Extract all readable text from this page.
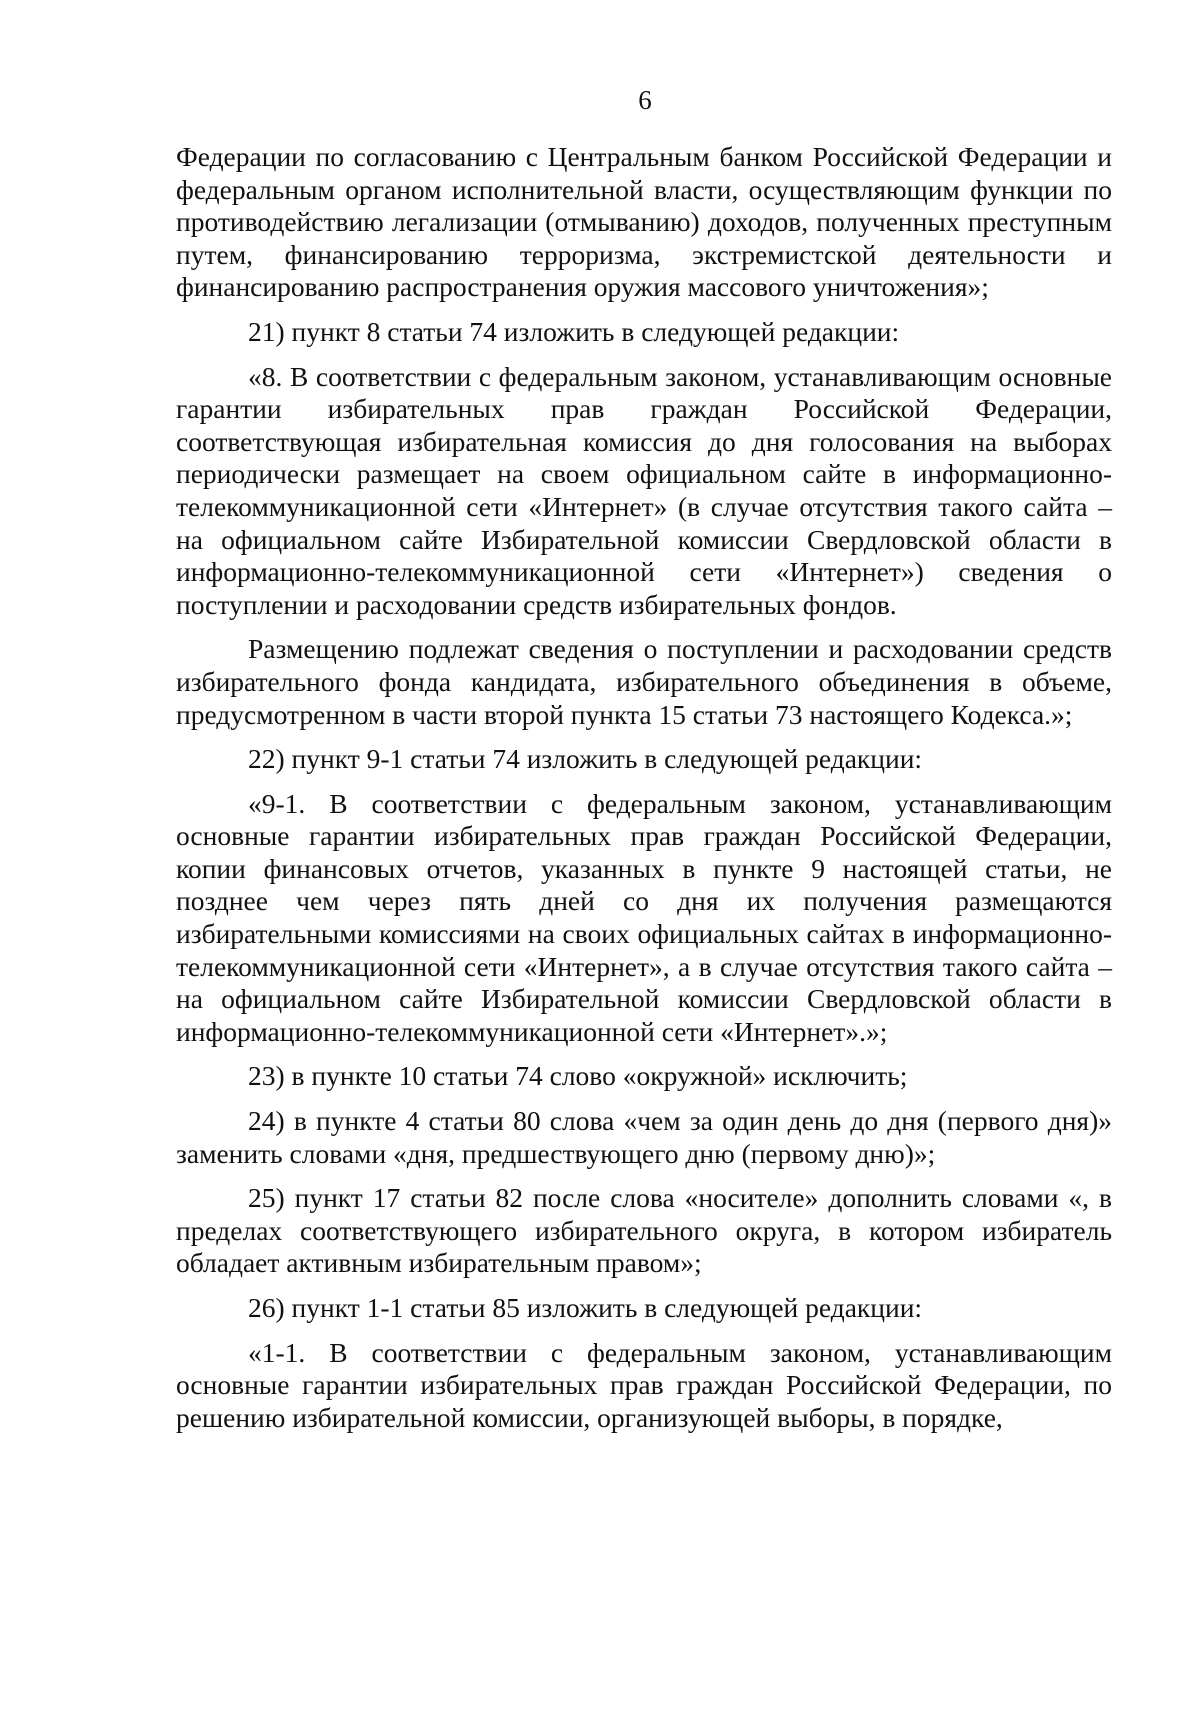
6

Федерации по согласованию с Центральным банком Российской Федерации и федеральным органом исполнительной власти, осуществляющим функции по противодействию легализации (отмыванию) доходов, полученных преступным путем, финансированию терроризма, экстремистской деятельности и финансированию распространения оружия массового уничтожения»;

21) пункт 8 статьи 74 изложить в следующей редакции:

«8. В соответствии с федеральным законом, устанавливающим основные гарантии избирательных прав граждан Российской Федерации, соответствующая избирательная комиссия до дня голосования на выборах периодически размещает на своем официальном сайте в информационно-телекоммуникационной сети «Интернет» (в случае отсутствия такого сайта – на официальном сайте Избирательной комиссии Свердловской области в информационно-телекоммуникационной сети «Интернет») сведения о поступлении и расходовании средств избирательных фондов.

Размещению подлежат сведения о поступлении и расходовании средств избирательного фонда кандидата, избирательного объединения в объеме, предусмотренном в части второй пункта 15 статьи 73 настоящего Кодекса.»;

22) пункт 9-1 статьи 74 изложить в следующей редакции:

«9-1. В соответствии с федеральным законом, устанавливающим основные гарантии избирательных прав граждан Российской Федерации, копии финансовых отчетов, указанных в пункте 9 настоящей статьи, не позднее чем через пять дней со дня их получения размещаются избирательными комиссиями на своих официальных сайтах в информационно-телекоммуникационной сети «Интернет», а в случае отсутствия такого сайта – на официальном сайте Избирательной комиссии Свердловской области в информационно-телекоммуникационной сети «Интернет».»;

23) в пункте 10 статьи 74 слово «окружной» исключить;

24) в пункте 4 статьи 80 слова «чем за один день до дня (первого дня)» заменить словами «дня, предшествующего дню (первому дню)»;

25) пункт 17 статьи 82 после слова «носителе» дополнить словами «, в пределах соответствующего избирательного округа, в котором избиратель обладает активным избирательным правом»;

26) пункт 1-1 статьи 85 изложить в следующей редакции:

«1-1. В соответствии с федеральным законом, устанавливающим основные гарантии избирательных прав граждан Российской Федерации, по решению избирательной комиссии, организующей выборы, в порядке,
